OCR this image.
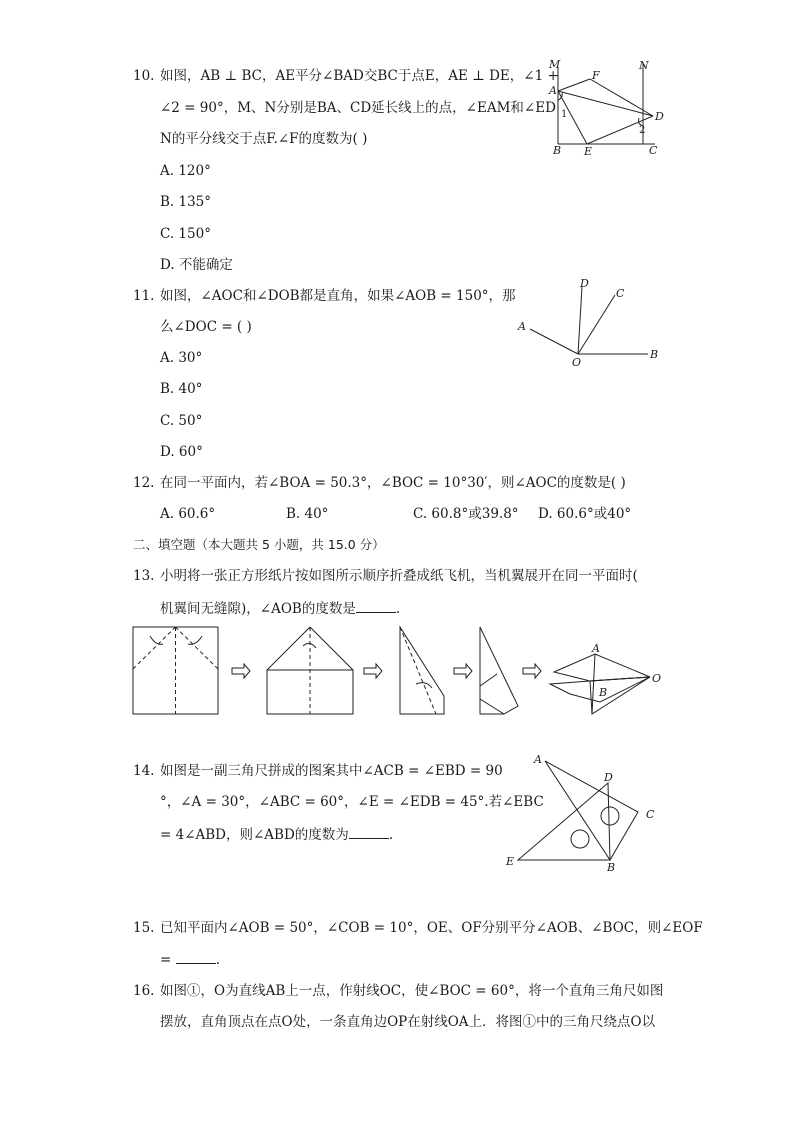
10. 如图，AB ⊥ BC，AE平分∠BAD交BC于点E，AE ⊥ DE，∠1 +
∠2 = 90°，M、N分别是BA、CD延长线上的点，∠EAM和∠ED
N的平分线交于点F.∠F的度数为( )
A. 120°
B. 135°
C. 150°
D. 不能确定
M	N
F
A
D
B E	C
1
2
11. 如图，∠AOC和∠DOB都是直角，如果∠AOB = 150°，那
么∠DOC = ( )
A. 30°
B. 40°
C. 50°
D. 60°
D
C
A
O
B
12. 在同一平面内，若∠BOA = 50.3°，∠BOC = 10°30′，则∠AOC的度数是( )
A. 60.6°	B. 40°	C. 60.8°或39.8° D. 60.6°或40°
二、填空题（本大题共 5 小题，共 15.0 分）
13. 小明将一张正方形纸片按如图所示顺序折叠成纸飞机，当机翼展开在同一平面时(
机翼间无缝隙)，∠AOB的度数是	.
A
B
O
14. 如图是一副三角尺拼成的图案其中∠ACB = ∠EBD = 90
°，∠A = 30°，∠ABC = 60°，∠E = ∠EDB = 45°.若∠EBC
= 4∠ABD，则∠ABD的度数为	.
A
D
C
E	B
15. 已知平面内∠AOB = 50°，∠COB = 10°，OE、OF分别平分∠AOB、∠BOC，则∠EOF
=	.
16. 如图①，O为直线AB上一点，作射线OC，使∠BOC = 60°，将一个直角三角尺如图
摆放，直角顶点在点O处，一条直角边OP在射线OA上．将图①中的三角尺绕点O以
